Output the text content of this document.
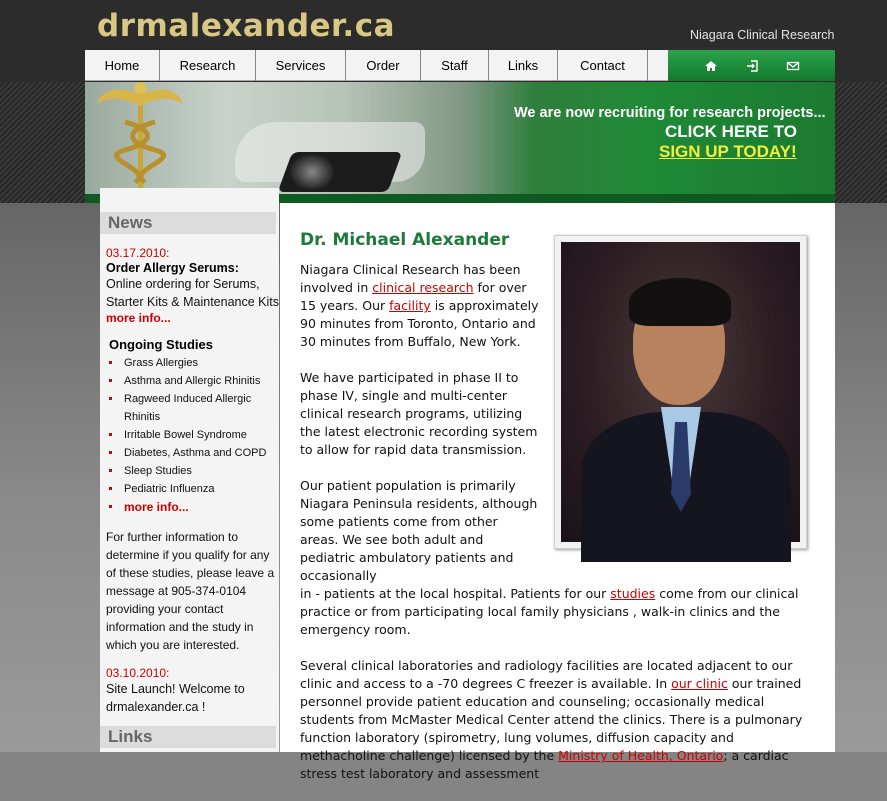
drmalexander.ca	Niagara Clinical Research
Home	Research	Services	Order	Staff	Links	Contact
We are now recruiting for research projects...
CLICK HERE TO
SIGN UP TODAY!
News
03.17.2010:
Order Allergy Serums:
Online ordering for Serums, Starter Kits & Maintenance Kits
more info...
Ongoing Studies
Grass Allergies
Asthma and Allergic Rhinitis
Ragweed Induced Allergic Rhinitis
Irritable Bowel Syndrome
Diabetes, Asthma and COPD
Sleep Studies
Pediatric Influenza
more info...
For further information to determine if you qualify for any of these studies, please leave a message at 905-374-0104 providing your contact information and the study in which you are interested.
03.10.2010:
Site Launch! Welcome to drmalexander.ca !
Links
Dr. Michael Alexander

Niagara Clinical Research has been involved in clinical research for over 15 years. Our facility is approximately 90 minutes from Toronto, Ontario and 30 minutes from Buffalo, New York.

We have participated in phase II to phase IV, single and multi-center clinical research programs, utilizing the latest electronic recording system to allow for rapid data transmission.

Our patient population is primarily Niagara Peninsula residents, although some patients come from other areas. We see both adult and pediatric ambulatory patients and occasionally
in - patients at the local hospital. Patients for our studies come from our clinical practice or from participating local family physicians , walk-in clinics and the emergency room.

Several clinical laboratories and radiology facilities are located adjacent to our clinic and access to a -70 degrees C freezer is available. In our clinic our trained personnel provide patient education and counseling; occasionally medical students from McMaster Medical Center attend the clinics. There is a pulmonary function laboratory (spirometry, lung volumes, diffusion capacity and methacholine challenge) licensed by the Ministry of Health, Ontario; a cardiac stress test laboratory and assessment
